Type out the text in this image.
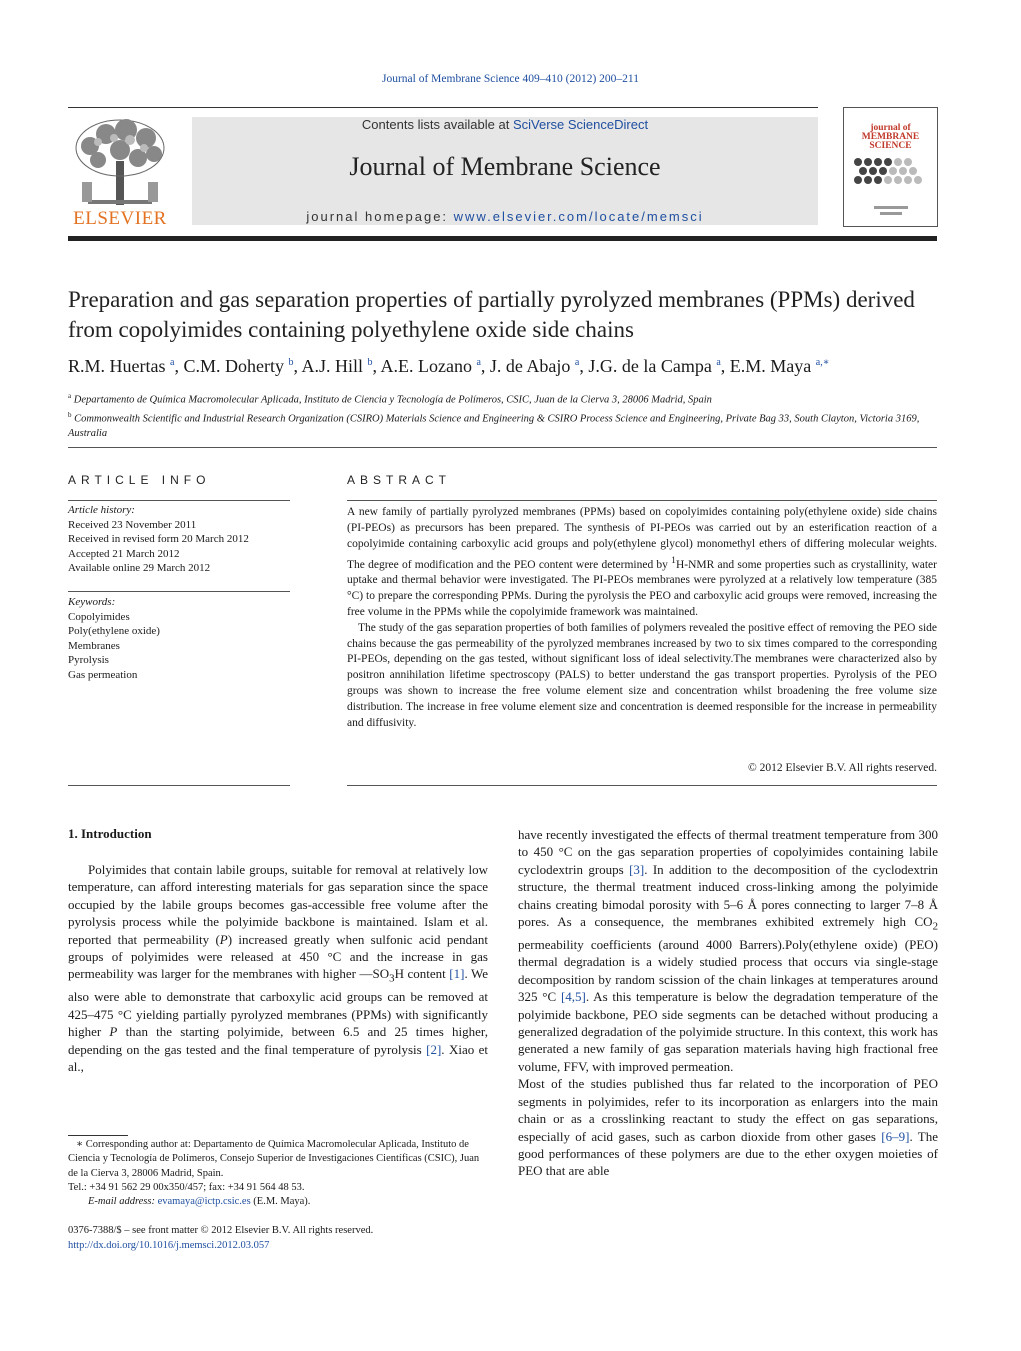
Journal of Membrane Science 409–410 (2012) 200–211
ELSEVIER
Contents lists available at SciVerse ScienceDirect
Journal of Membrane Science
journal homepage: www.elsevier.com/locate/memsci
journal of
MEMBRANE
SCIENCE
Preparation and gas separation properties of partially pyrolyzed membranes (PPMs) derived from copolyimides containing polyethylene oxide side chains
R.M. Huertas $^a$, C.M. Doherty $^b$, A.J. Hill $^b$, A.E. Lozano $^a$, J. de Abajo $^a$, J.G. de la Campa $^a$, E.M. Maya $^{a,∗}$
$^a$ Departamento de Química Macromolecular Aplicada, Instituto de Ciencia y Tecnología de Polímeros, CSIC, Juan de la Cierva 3, 28006 Madrid, Spain
$^b$ Commonwealth Scientific and Industrial Research Organization (CSIRO) Materials Science and Engineering & CSIRO Process Science and Engineering, Private Bag 33, South Clayton, Victoria 3169, Australia
ARTICLE INFO
Article history:
Received 23 November 2011
Received in revised form 20 March 2012
Accepted 21 March 2012
Available online 29 March 2012
Keywords:
Copolyimides
Poly(ethylene oxide)
Membranes
Pyrolysis
Gas permeation
ABSTRACT

A new family of partially pyrolyzed membranes (PPMs) based on copolyimides containing poly(ethylene oxide) side chains (PI-PEOs) as precursors has been prepared. The synthesis of PI-PEOs was carried out by an esterification reaction of a copolyimide containing carboxylic acid groups and poly(ethylene glycol) monomethyl ethers of differing molecular weights. The degree of modification and the PEO content were determined by $^1$H-NMR and some properties such as crystallinity, water uptake and thermal behavior were investigated. The PI-PEOs membranes were pyrolyzed at a relatively low temperature (385 °C) to prepare the corresponding PPMs. During the pyrolysis the PEO and carboxylic acid groups were removed, increasing the free volume in the PPMs while the copolyimide framework was maintained.

The study of the gas separation properties of both families of polymers revealed the positive effect of removing the PEO side chains because the gas permeability of the pyrolyzed membranes increased by two to six times compared to the corresponding PI-PEOs, depending on the gas tested, without significant loss of ideal selectivity.The membranes were characterized also by positron annihilation lifetime spectroscopy (PALS) to better understand the gas transport properties. Pyrolysis of the PEO groups was shown to increase the free volume element size and concentration whilst broadening the free volume size distribution. The increase in free volume element size and concentration is deemed responsible for the increase in permeability and diffusivity.

© 2012 Elsevier B.V. All rights reserved.
1. Introduction

Polyimides that contain labile groups, suitable for removal at relatively low temperature, can afford interesting materials for gas separation since the space occupied by the labile groups becomes gas-accessible free volume after the pyrolysis process while the polyimide backbone is maintained. Islam et al. reported that permeability (P) increased greatly when sulfonic acid pendant groups of polyimides were released at 450 °C and the increase in gas permeability was larger for the membranes with higher $—SO_3H$ content [1]. We also were able to demonstrate that carboxylic acid groups can be removed at 425–475 °C yielding partially pyrolyzed membranes (PPMs) with significantly higher P than the starting polyimide, between 6.5 and 25 times higher, depending on the gas tested and the final temperature of pyrolysis [2]. Xiao et al.,

have recently investigated the effects of thermal treatment temperature from 300 to 450 °C on the gas separation properties of copolyimides containing labile cyclodextrin groups [3]. In addition to the decomposition of the cyclodextrin structure, the thermal treatment induced cross-linking among the polyimide chains creating bimodal porosity with 5–6 Å pores connecting to larger 7–8 Å pores. As a consequence, the membranes exhibited extremely high $CO_2$ permeability coefficients (around 4000 Barrers).Poly(ethylene oxide) (PEO) thermal degradation is a widely studied process that occurs via single-stage decomposition by random scission of the chain linkages at temperatures around 325 °C [4,5]. As this temperature is below the degradation temperature of the polyimide backbone, PEO side segments can be detached without producing a generalized degradation of the polyimide structure. In this context, this work has generated a new family of gas separation materials having high fractional free volume, FFV, with improved permeation.

Most of the studies published thus far related to the incorporation of PEO segments in polyimides, refer to its incorporation as enlargers into the main chain or as a crosslinking reactant to study the effect on gas separations, especially of acid gases, such as carbon dioxide from other gases [6–9]. The good performances of these polymers are due to the ether oxygen moieties of PEO that are able

∗ Corresponding author at: Departamento de Química Macromolecular Aplicada, Instituto de Ciencia y Tecnología de Polímeros, Consejo Superior de Investigaciones Científicas (CSIC), Juan de la Cierva 3, 28006 Madrid, Spain.
Tel.: +34 91 562 29 00x350/457; fax: +34 91 564 48 53.
E-mail address: evamaya@ictp.csic.es (E.M. Maya).
0376-7388/$ – see front matter © 2012 Elsevier B.V. All rights reserved.
http://dx.doi.org/10.1016/j.memsci.2012.03.057
